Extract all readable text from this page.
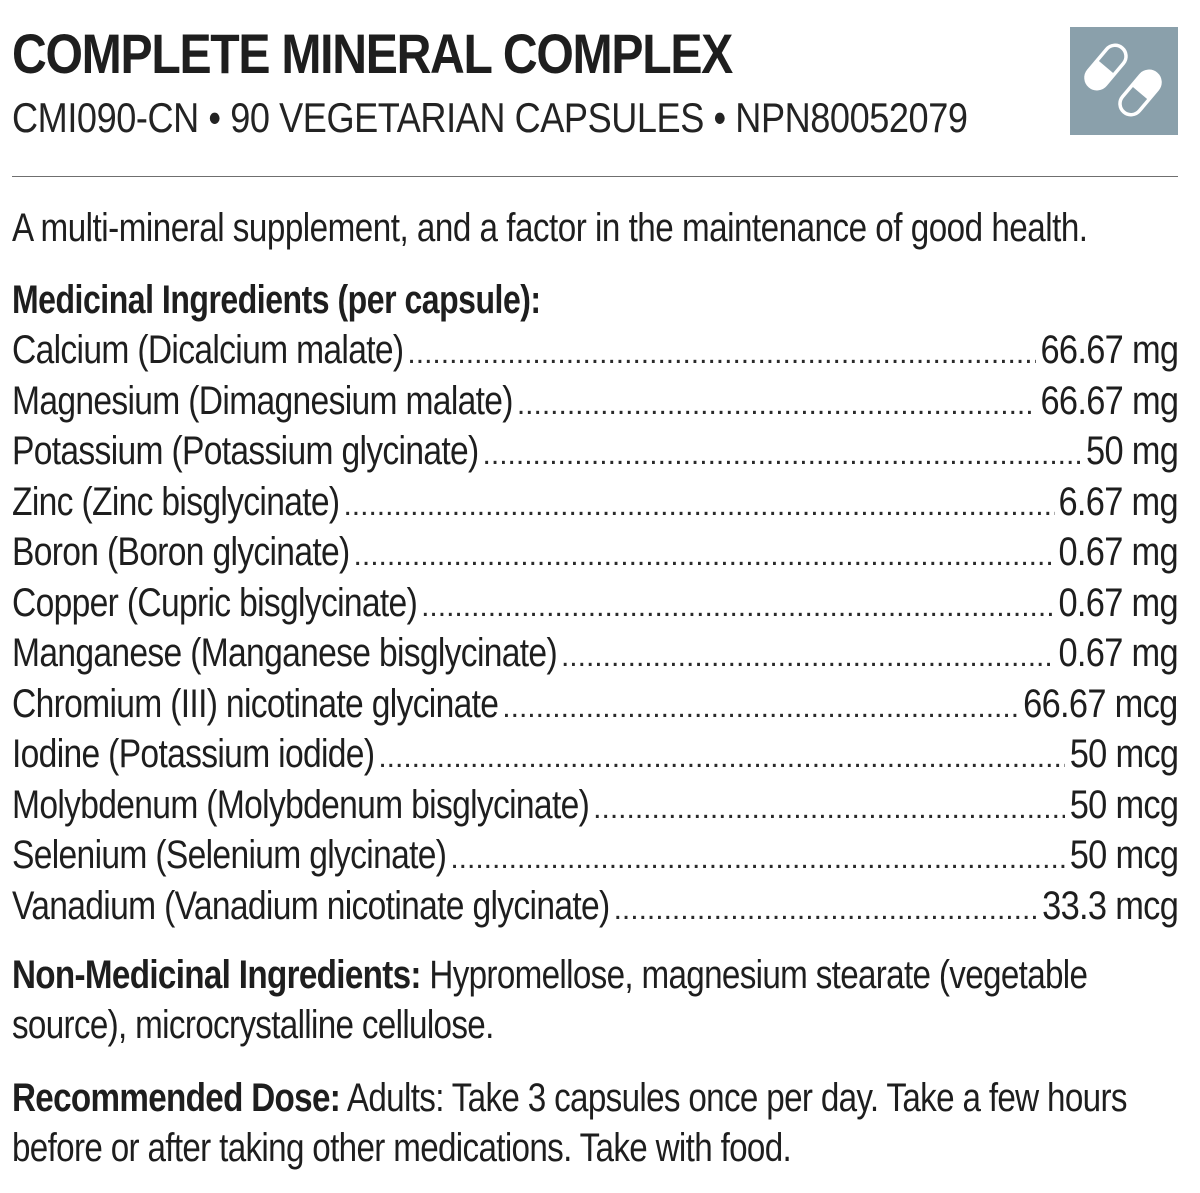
COMPLETE MINERAL COMPLEX
CMI090-CN • 90 VEGETARIAN CAPSULES • NPN80052079
A multi-mineral supplement, and a factor in the maintenance of good health.
Medicinal Ingredients (per capsule):
Calcium (Dicalcium malate) .....	66.67 mg
Magnesium (Dimagnesium malate) .....	66.67 mg
Potassium (Potassium glycinate) .....	50 mg
Zinc (Zinc bisglycinate) .....	6.67 mg
Boron (Boron glycinate) .....	0.67 mg
Copper (Cupric bisglycinate) .....	0.67 mg
Manganese (Manganese bisglycinate) .....	0.67 mg
Chromium (III) nicotinate glycinate .....	66.67 mcg
Iodine (Potassium iodide) .....	50 mcg
Molybdenum (Molybdenum bisglycinate) .....	50 mcg
Selenium (Selenium glycinate) .....	50 mcg
Vanadium (Vanadium nicotinate glycinate) .....	33.3 mcg
Non-Medicinal Ingredients: Hypromellose, magnesium stearate (vegetable source), microcrystalline cellulose.
Recommended Dose: Adults: Take 3 capsules once per day. Take a few hours before or after taking other medications. Take with food.
